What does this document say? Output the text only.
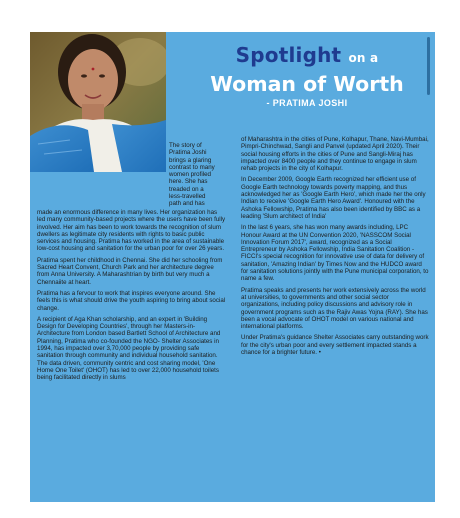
Spotlight on a
Woman of Worth
- PRATIMA JOSHI

The story of

Pratima Joshi

brings a glaring

contrast to many

women profiled

here. She has

treaded on a

less-travelled

path and has

made an enormous difference in many lives. Her organization has led many community-based projects where the users have been fully involved. Her aim has been to work towards the recognition of slum dwellers as legitimate city residents with rights to basic public services and housing. Pratima has worked in the area of sustainable low-cost housing and sanitation for the urban poor for over 26 years.

Pratima spent her childhood in Chennai. She did her schooling from Sacred Heart Convent, Church Park and her architecture degree from Anna University. A Maharashtrian by birth but very much a Chennaiite at heart.

Pratima has a fervour to work that inspires everyone around. She feels this is what should drive the youth aspiring to bring about social change.

A recipient of Aga Khan scholarship, and an expert in 'Building Design for Developing Countries', through her Masters-in-Architecture from London based Bartlett School of Architecture and Planning, Pratima who co-founded the NGO- Shelter Associates in 1994, has impacted over 3,70,000 people by providing safe sanitation through community and individual household sanitation. The data driven, community centric and cost sharing model, 'One Home One Toilet' (OHOT) has led to over 22,000 household toilets being facilitated directly in slums

of Maharashtra in the cities of Pune, Kolhapur, Thane, Navi-Mumbai, Pimpri-Chinchwad, Sangli and Panvel (updated April 2020). Their social housing efforts in the cities of Pune and Sangli-Miraj has impacted over 8400 people and they continue to engage in slum rehab projects in the city of Kolhapur.

In December 2009, Google Earth recognized her efficient use of Google Earth technology towards poverty mapping, and thus acknowledged her as 'Google Earth Hero', which made her the only Indian to receive 'Google Earth Hero Award'. Honoured with the Ashoka Fellowship, Pratima has also been identified by BBC as a leading 'Slum architect of India'

In the last 6 years, she has won many awards including, LPC Honour Award at the UN Convention 2020, 'NASSCOM Social Innovation Forum 2017', award, recognized as a Social Entrepreneur by Ashoka Fellowship, India Sanitation Coalition - FICCI's special recognition for innovative use of data for delivery of sanitation, 'Amazing Indian' by Times Now and the HUDCO award for sanitation solutions jointly with the Pune municipal corporation, to name a few.

Pratima speaks and presents her work extensively across the world at universities, to governments and other social sector organizations, including policy discussions and advisory role in government programs such as the Rajiv Awas Yojna (RAY). She has been a vocal advocate of OHOT model on various national and international platforms.

Under Pratima's guidance Shelter Associates carry outstanding work for the city's urban poor and every settlement impacted stands a chance for a brighter future. •
